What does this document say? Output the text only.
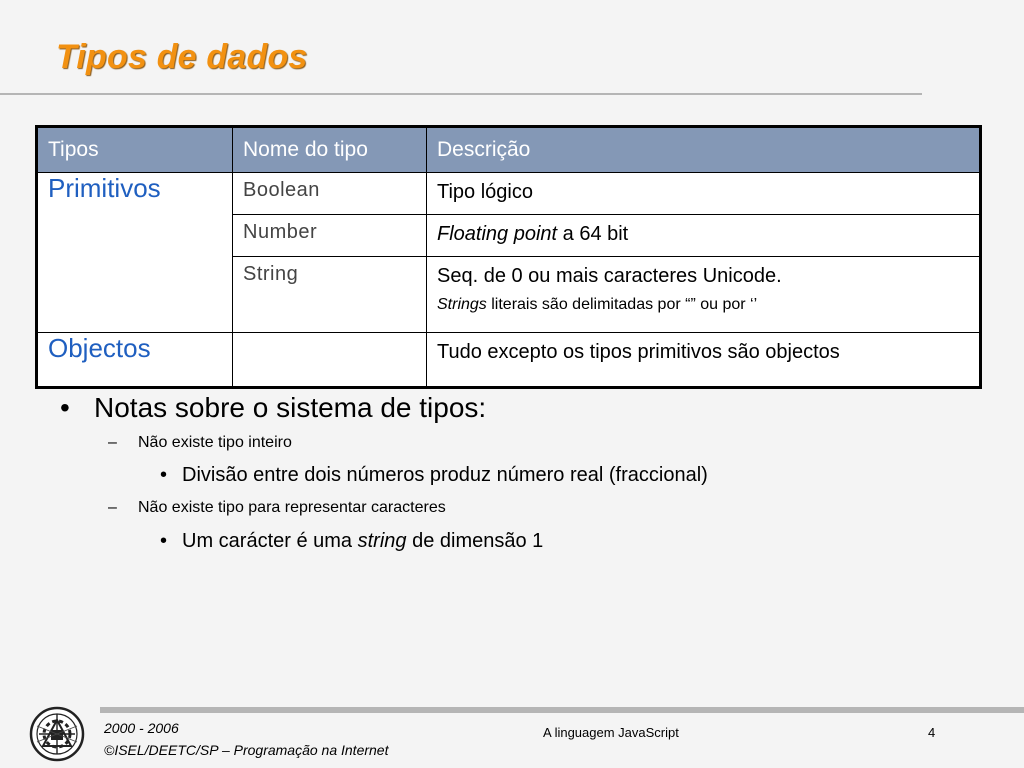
Tipos de dados
Tipos	Nome do tipo	Descrição
Primitivos	Boolean	Tipo lógico
	Number	Floating point a 64 bit
	String	Seq. de 0 ou mais caracteres Unicode.
Strings literais são delimitadas por “” ou por ‘’

Objectos		Tudo excepto os tipos primitivos são objectos
• Notas sobre o sistema de tipos:
– Não existe tipo inteiro
• Divisão entre dois números produz número real (fraccional)
– Não existe tipo para representar caracteres
• Um carácter é uma string de dimensão 1
2000 - 2006
©ISEL/DEETC/SP – Programação na Internet
A linguagem JavaScript	4
